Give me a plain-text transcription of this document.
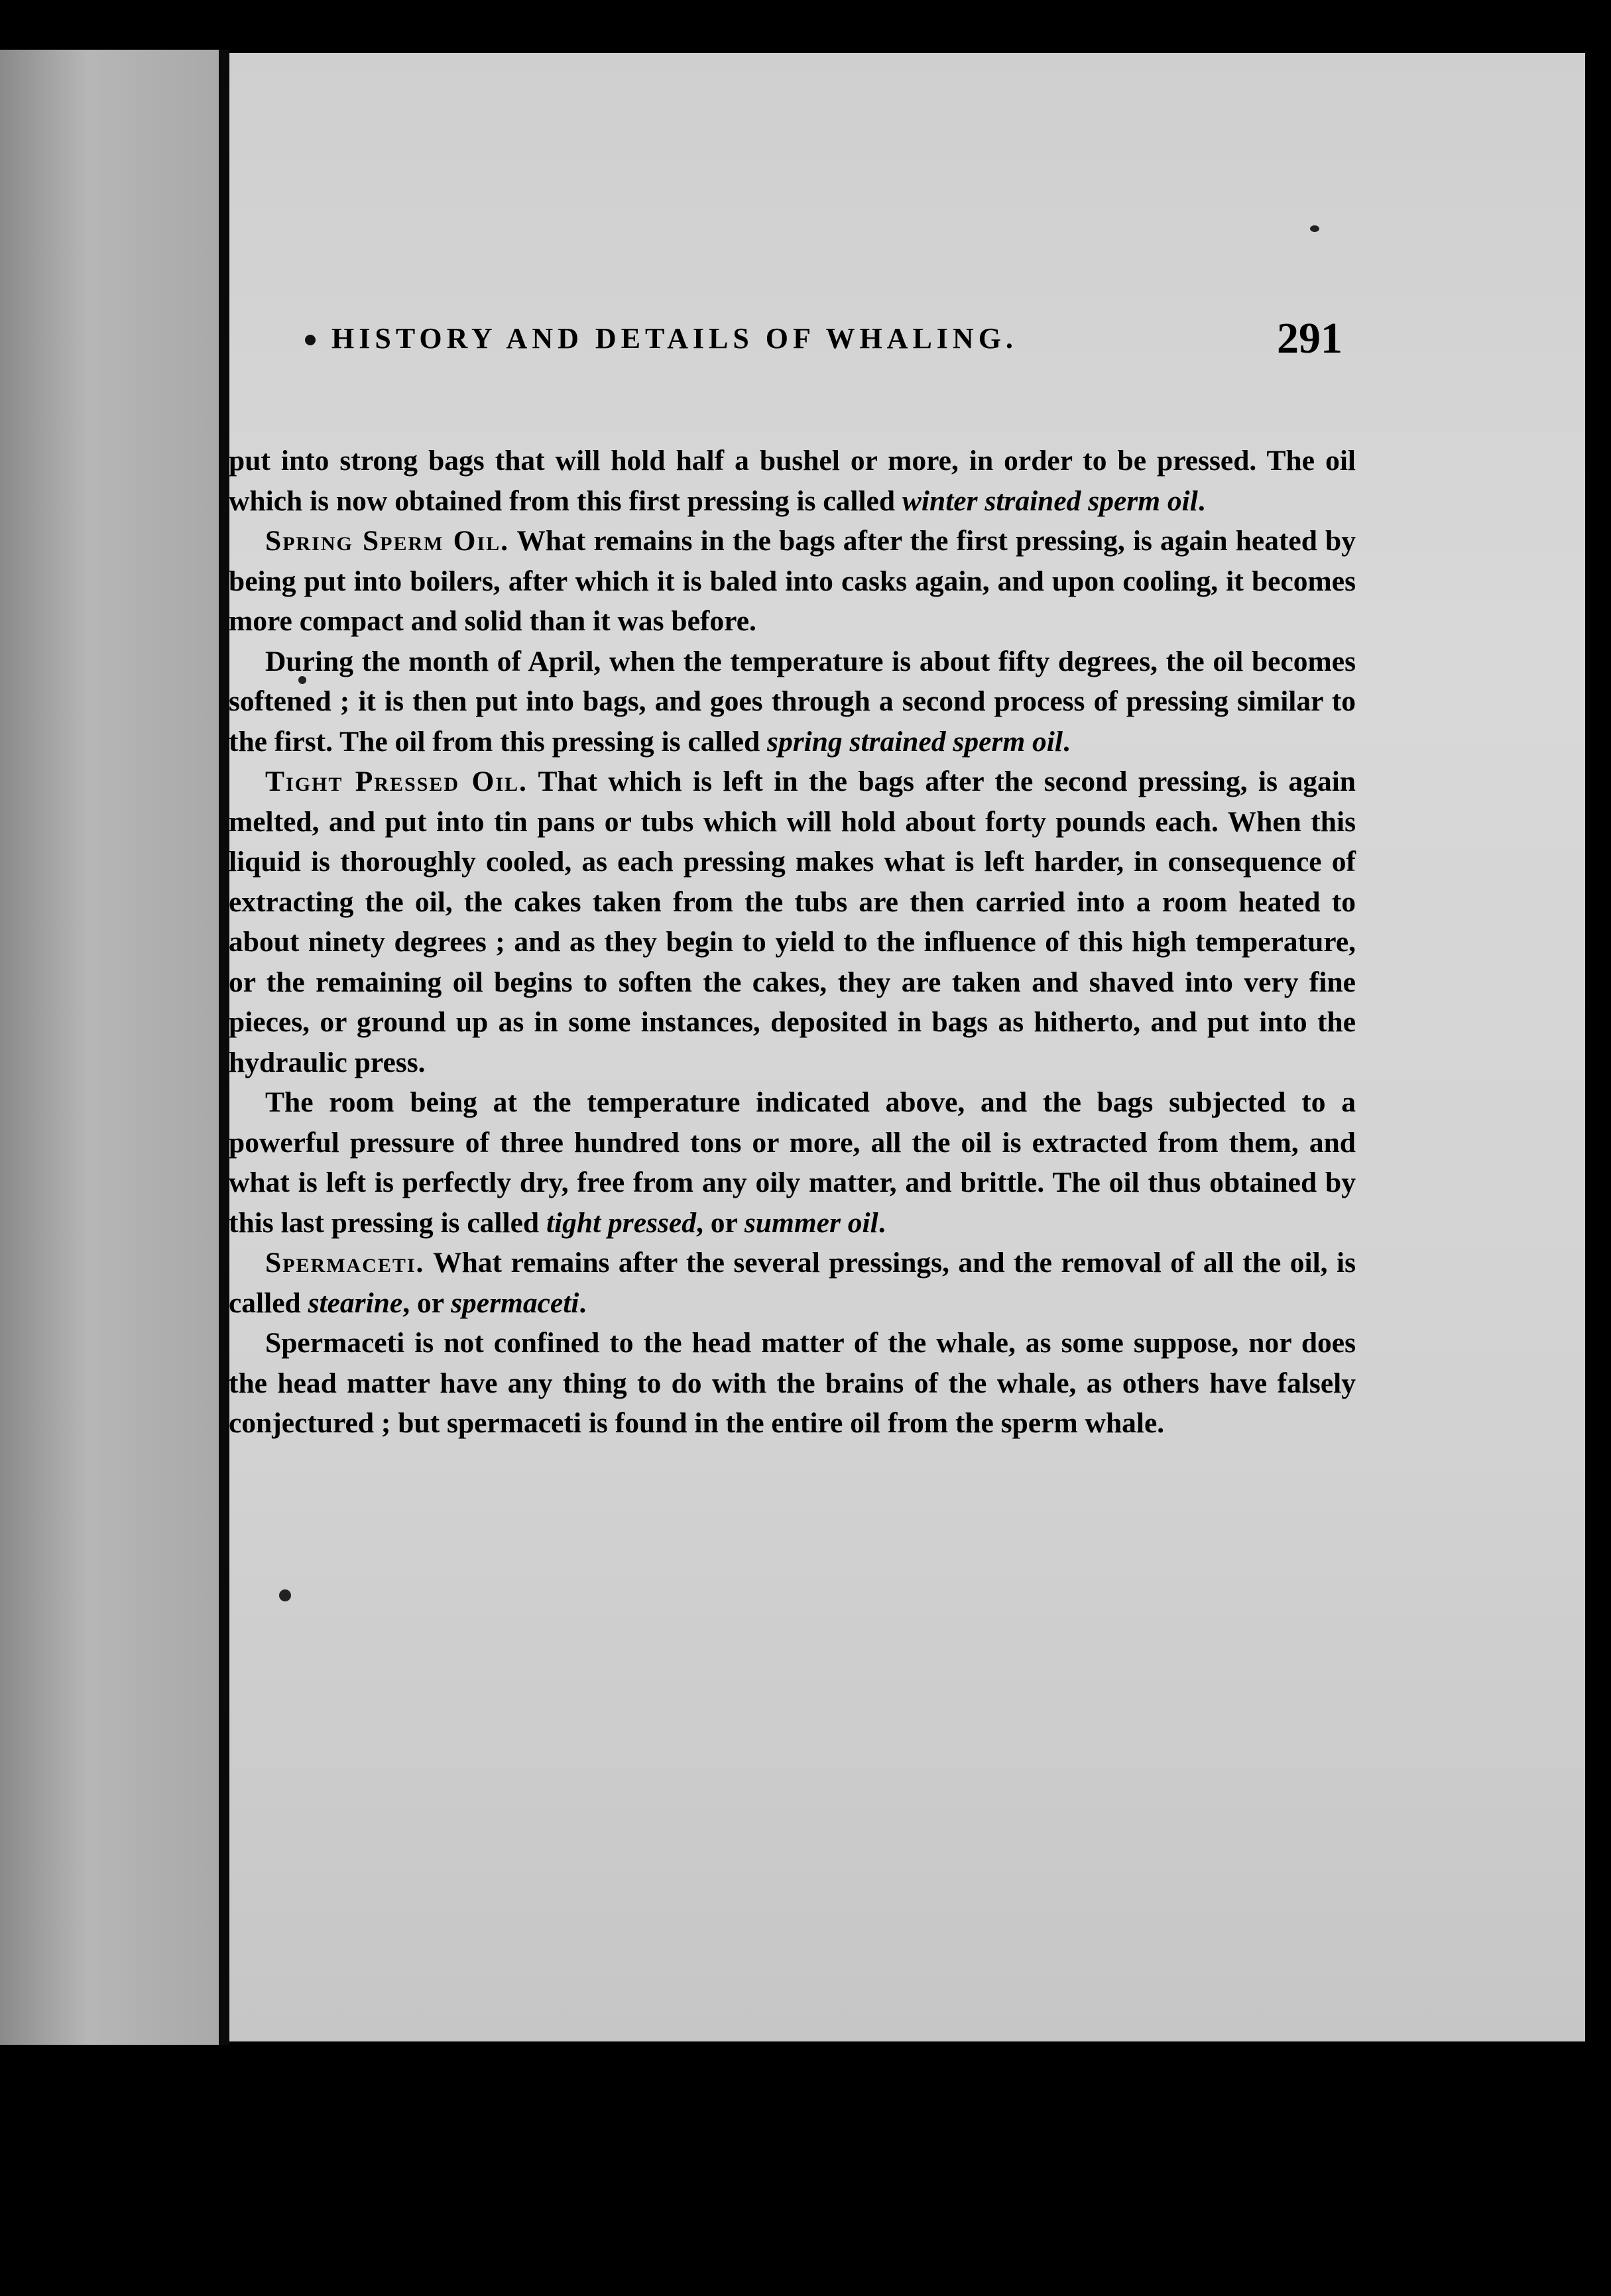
HISTORY AND DETAILS OF WHALING.	291

put into strong bags that will hold half a bushel or more, in order to be pressed. The oil which is now obtained from this first pressing is called winter strained sperm oil.

Spring Sperm Oil. What remains in the bags after the first pressing, is again heated by being put into boilers, after which it is baled into casks again, and upon cooling, it becomes more compact and solid than it was before.

During the month of April, when the temperature is about fifty degrees, the oil becomes softened ; it is then put into bags, and goes through a second process of pressing similar to the first. The oil from this pressing is called spring strained sperm oil.

Tight Pressed Oil. That which is left in the bags after the second pressing, is again melted, and put into tin pans or tubs which will hold about forty pounds each. When this liquid is thoroughly cooled, as each pressing makes what is left harder, in consequence of extracting the oil, the cakes taken from the tubs are then carried into a room heated to about ninety degrees ; and as they begin to yield to the influence of this high temperature, or the remaining oil begins to soften the cakes, they are taken and shaved into very fine pieces, or ground up as in some instances, deposited in bags as hitherto, and put into the hydraulic press.

The room being at the temperature indicated above, and the bags subjected to a powerful pressure of three hundred tons or more, all the oil is extracted from them, and what is left is perfectly dry, free from any oily matter, and brittle. The oil thus obtained by this last pressing is called tight pressed, or summer oil.

Spermaceti. What remains after the several pressings, and the removal of all the oil, is called stearine, or spermaceti.

Spermaceti is not confined to the head matter of the whale, as some suppose, nor does the head matter have any thing to do with the brains of the whale, as others have falsely conjectured ; but spermaceti is found in the entire oil from the sperm whale.
